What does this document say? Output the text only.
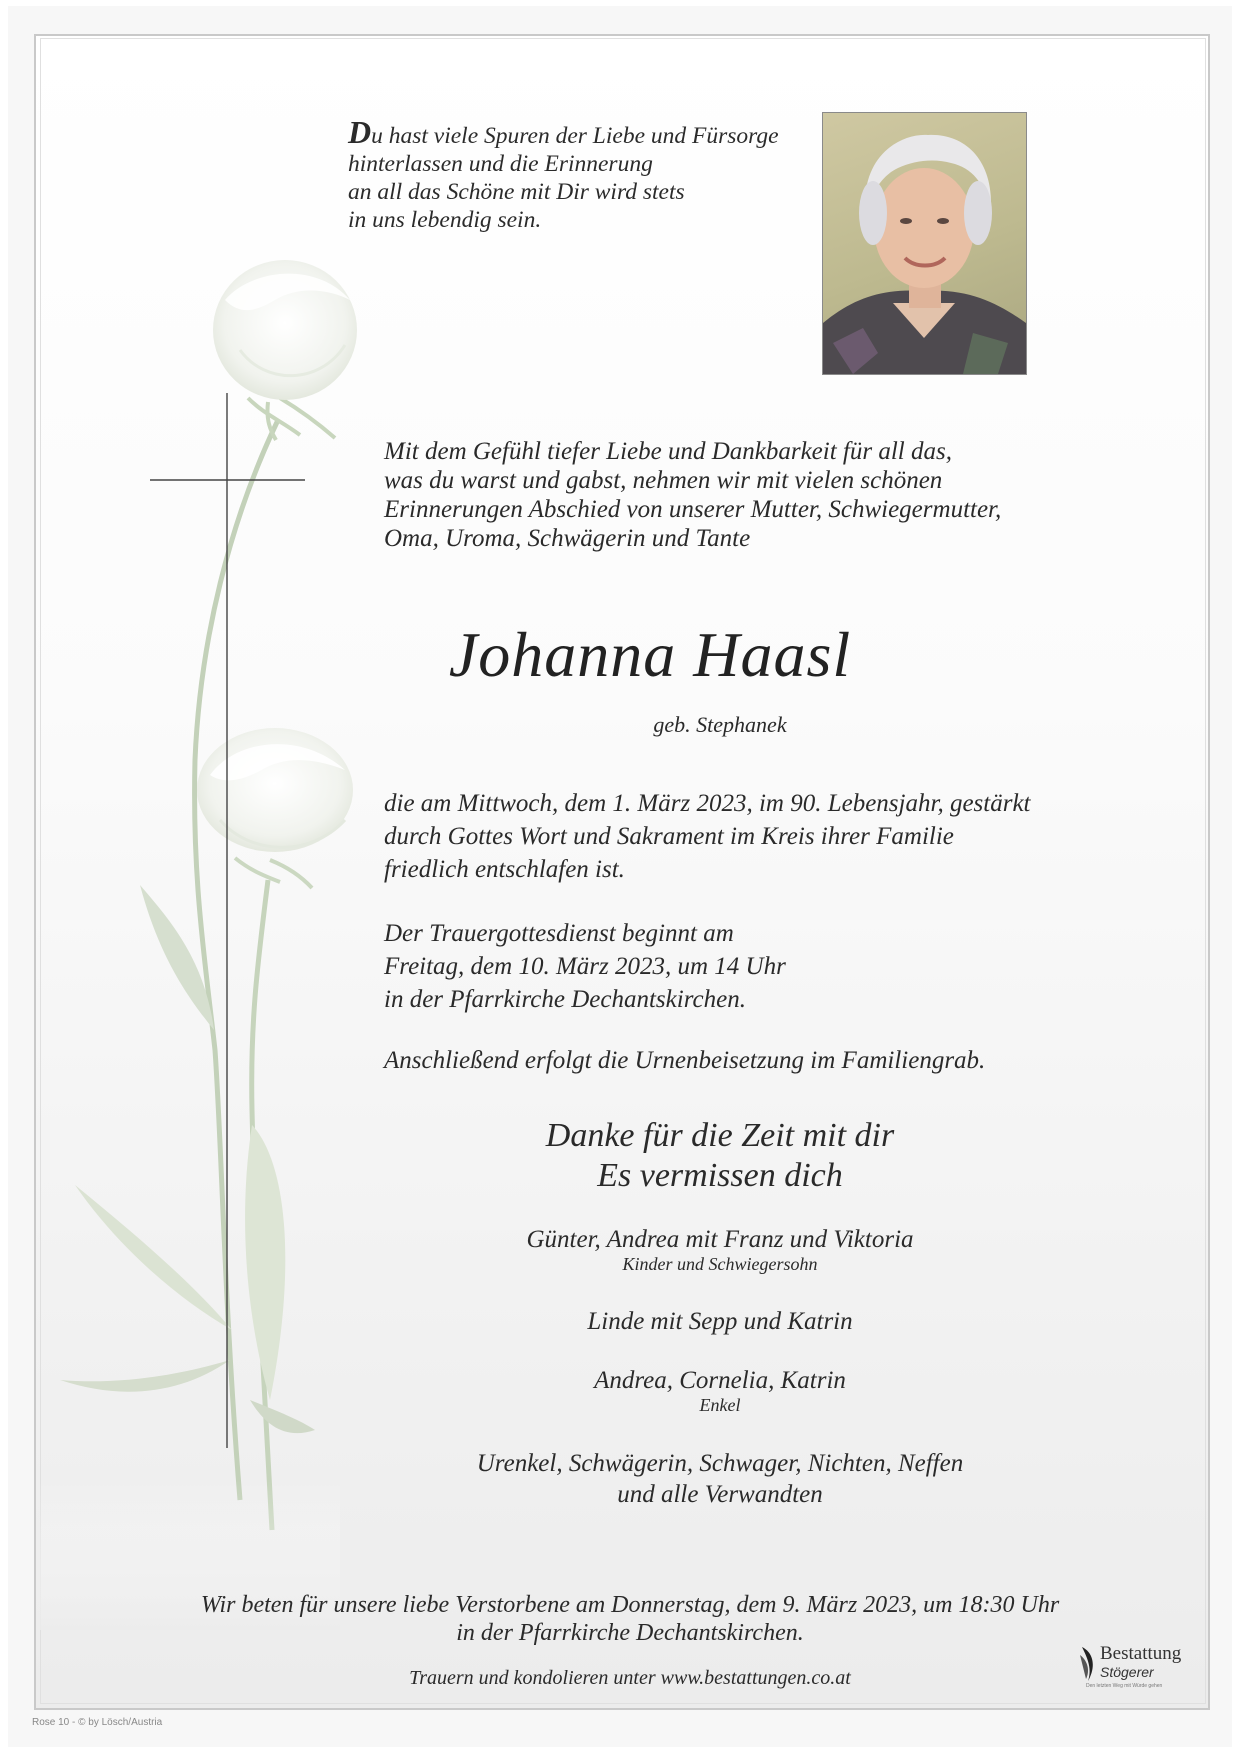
Du hast viele Spuren der Liebe und Fürsorge
hinterlassen und die Erinnerung
an all das Schöne mit Dir wird stets
in uns lebendig sein.

Mit dem Gefühl tiefer Liebe und Dankbarkeit für all das,
was du warst und gabst, nehmen wir mit vielen schönen
Erinnerungen Abschied von unserer Mutter, Schwiegermutter,
Oma, Uroma, Schwägerin und Tante

Johanna Haasl

geb. Stephanek

die am Mittwoch, dem 1. März 2023, im 90. Lebensjahr, gestärkt
durch Gottes Wort und Sakrament im Kreis ihrer Familie
friedlich entschlafen ist.

Der Trauergottesdienst beginnt am
Freitag, dem 10. März 2023, um 14 Uhr
in der Pfarrkirche Dechantskirchen.

Anschließend erfolgt die Urnenbeisetzung im Familiengrab.

Danke für die Zeit mit dir
Es vermissen dich

Günter, Andrea mit Franz und Viktoria
Kinder und Schwiegersohn
Linde mit Sepp und Katrin
Andrea, Cornelia, Katrin
Enkel
Urenkel, Schwägerin, Schwager, Nichten, Neffen
und alle Verwandten

Wir beten für unsere liebe Verstorbene am Donnerstag, dem 9. März 2023, um 18:30 Uhr
in der Pfarrkirche Dechantskirchen.

Trauern und kondolieren unter www.bestattungen.co.at

Bestattung
Stögerer
Den letzten Weg mit Würde gehen
Rose 10 - © by Lösch/Austria
